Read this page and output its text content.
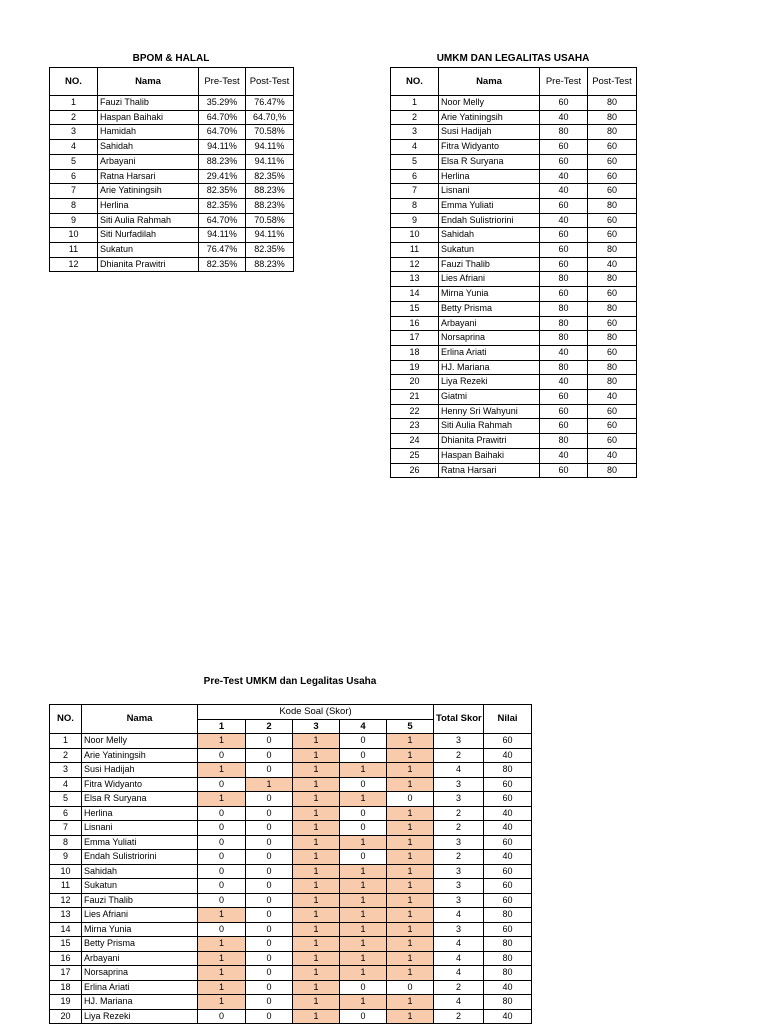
BPOM & HALAL
NO.	Nama	Pre-Test	Post-Test
1	Fauzi Thalib	35.29%	76.47%
2	Haspan Baihaki	64.70%	64.70,%
3	Hamidah	64.70%	70.58%
4	Sahidah	94.11%	94.11%
5	Arbayani	88.23%	94.11%
6	Ratna Harsari	29.41%	82.35%
7	Arie Yatiningsih	82.35%	88.23%
8	Herlina	82.35%	88.23%
9	Siti Aulia Rahmah	64.70%	70.58%
10	Siti Nurfadilah	94.11%	94.11%
11	Sukatun	76.47%	82.35%
12	Dhianita Prawitri	82.35%	88.23%
UMKM DAN LEGALITAS USAHA
NO.	Nama	Pre-Test	Post-Test
1	Noor Melly	60	80
2	Arie Yatiningsih	40	80
3	Susi Hadijah	80	80
4	Fitra Widyanto	60	60
5	Elsa R Suryana	60	60
6	Herlina	40	60
7	Lisnani	40	60
8	Emma Yuliati	60	80
9	Endah Sulistriorini	40	60
10	Sahidah	60	60
11	Sukatun	60	80
12	Fauzi Thalib	60	40
13	Lies Afriani	80	80
14	Mirna Yunia	60	60
15	Betty Prisma	80	80
16	Arbayani	80	60
17	Norsaprina	80	80
18	Erlina Ariati	40	60
19	HJ. Mariana	80	80
20	Liya Rezeki	40	80
21	Giatmi	60	40
22	Henny Sri Wahyuni	60	60
23	Siti Aulia Rahmah	60	60
24	Dhianita Prawitri	80	60
25	Haspan Baihaki	40	40
26	Ratna Harsari	60	80
Pre-Test UMKM dan Legalitas Usaha
NO.	Nama	Kode Soal (Skor)					Total Skor	Nilai
		1	2	3	4	5		
1	Noor Melly	1	0	1	0	1	3	60
2	Arie Yatiningsih	0	0	1	0	1	2	40
3	Susi Hadijah	1	0	1	1	1	4	80
4	Fitra Widyanto	0	1	1	0	1	3	60
5	Elsa R Suryana	1	0	1	1	0	3	60
6	Herlina	0	0	1	0	1	2	40
7	Lisnani	0	0	1	0	1	2	40
8	Emma Yuliati	0	0	1	1	1	3	60
9	Endah Sulistriorini	0	0	1	0	1	2	40
10	Sahidah	0	0	1	1	1	3	60
11	Sukatun	0	0	1	1	1	3	60
12	Fauzi Thalib	0	0	1	1	1	3	60
13	Lies Afriani	1	0	1	1	1	4	80
14	Mirna Yunia	0	0	1	1	1	3	60
15	Betty Prisma	1	0	1	1	1	4	80
16	Arbayani	1	0	1	1	1	4	80
17	Norsaprina	1	0	1	1	1	4	80
18	Erlina Ariati	1	0	1	0	0	2	40
19	HJ. Mariana	1	0	1	1	1	4	80
20	Liya Rezeki	0	0	1	0	1	2	40
